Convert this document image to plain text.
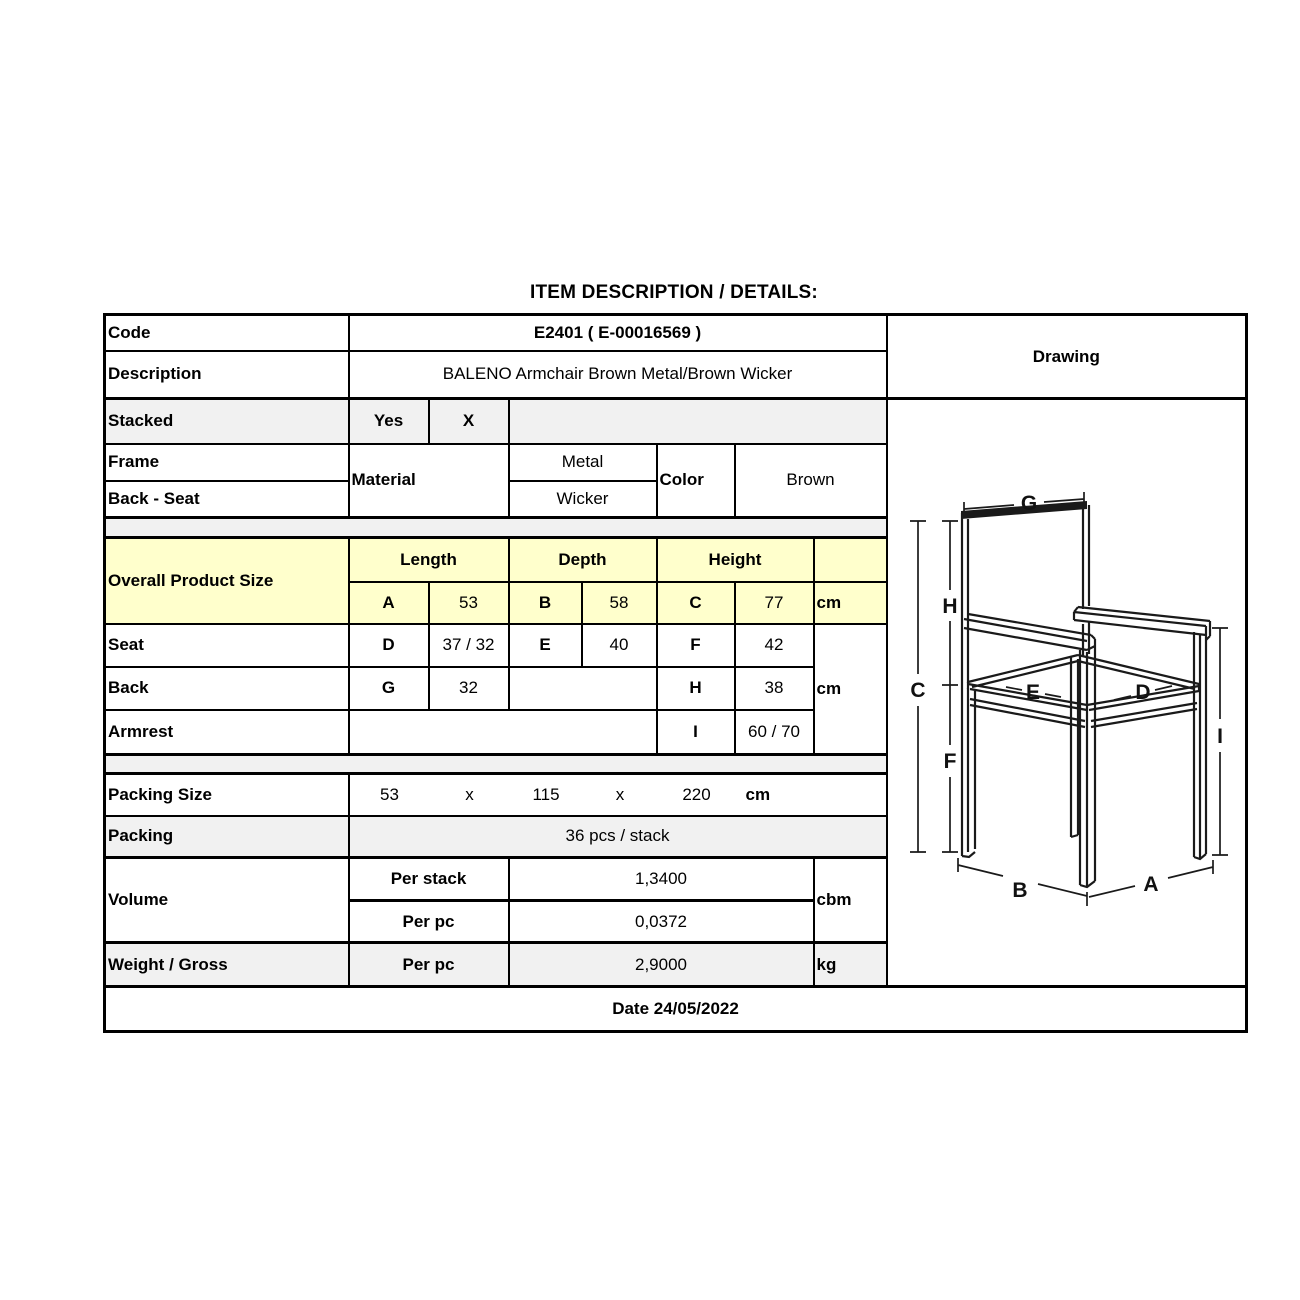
ITEM DESCRIPTION / DETAILS:
Code	E2401 ( E-00016569 )							Drawing
Description	BALENO Armchair Brown Metal/Brown Wicker							
Stacked	Yes	X		
C
H
F
I
G
B	A
E	D

Frame	Material		Metal		Color	Brown		
Back - Seat			Wicker					

Overall Product Size	Length		Depth		Height			
	A	53	B	58	C	77	cm	
Seat	D	37 / 32	E	40	F	42	cm	
Back	G	32			H	38		
Armrest					I	60 / 70		

Packing Size	53	x	115	x	220	cm

Packing	36 pcs / stack							
Volume	Per stack		1,3400				cbm	
	Per pc		0,0372					
Weight / Gross	Per pc		2,9000				kg	
Date 24/05/2022								
